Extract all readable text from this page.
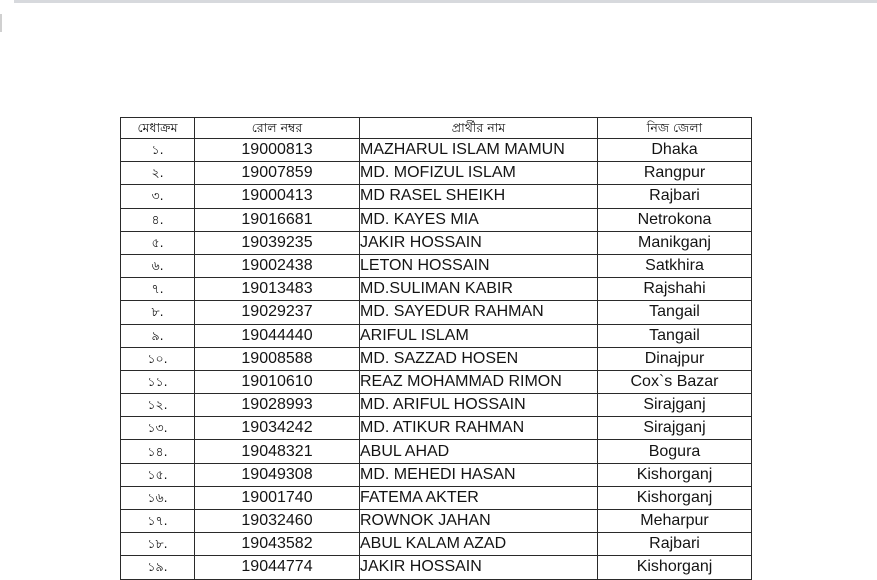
মেধাক্রম	রোল নম্বর	প্রার্থীর নাম	নিজ জেলা
১.	19000813	MAZHARUL ISLAM MAMUN	Dhaka
২.	19007859	MD. MOFIZUL ISLAM	Rangpur
৩.	19000413	MD RASEL SHEIKH	Rajbari
৪.	19016681	MD. KAYES MIA	Netrokona
৫.	19039235	JAKIR HOSSAIN	Manikganj
৬.	19002438	LETON HOSSAIN	Satkhira
৭.	19013483	MD.SULIMAN KABIR	Rajshahi
৮.	19029237	MD. SAYEDUR RAHMAN	Tangail
৯.	19044440	ARIFUL ISLAM	Tangail
১০.	19008588	MD. SAZZAD HOSEN	Dinajpur
১১.	19010610	REAZ MOHAMMAD RIMON	Cox`s Bazar
১২.	19028993	MD. ARIFUL HOSSAIN	Sirajganj
১৩.	19034242	MD. ATIKUR RAHMAN	Sirajganj
১৪.	19048321	ABUL AHAD	Bogura
১৫.	19049308	MD. MEHEDI HASAN	Kishorganj
১৬.	19001740	FATEMA AKTER	Kishorganj
১৭.	19032460	ROWNOK JAHAN	Meharpur
১৮.	19043582	ABUL KALAM AZAD	Rajbari
১৯.	19044774	JAKIR HOSSAIN	Kishorganj
